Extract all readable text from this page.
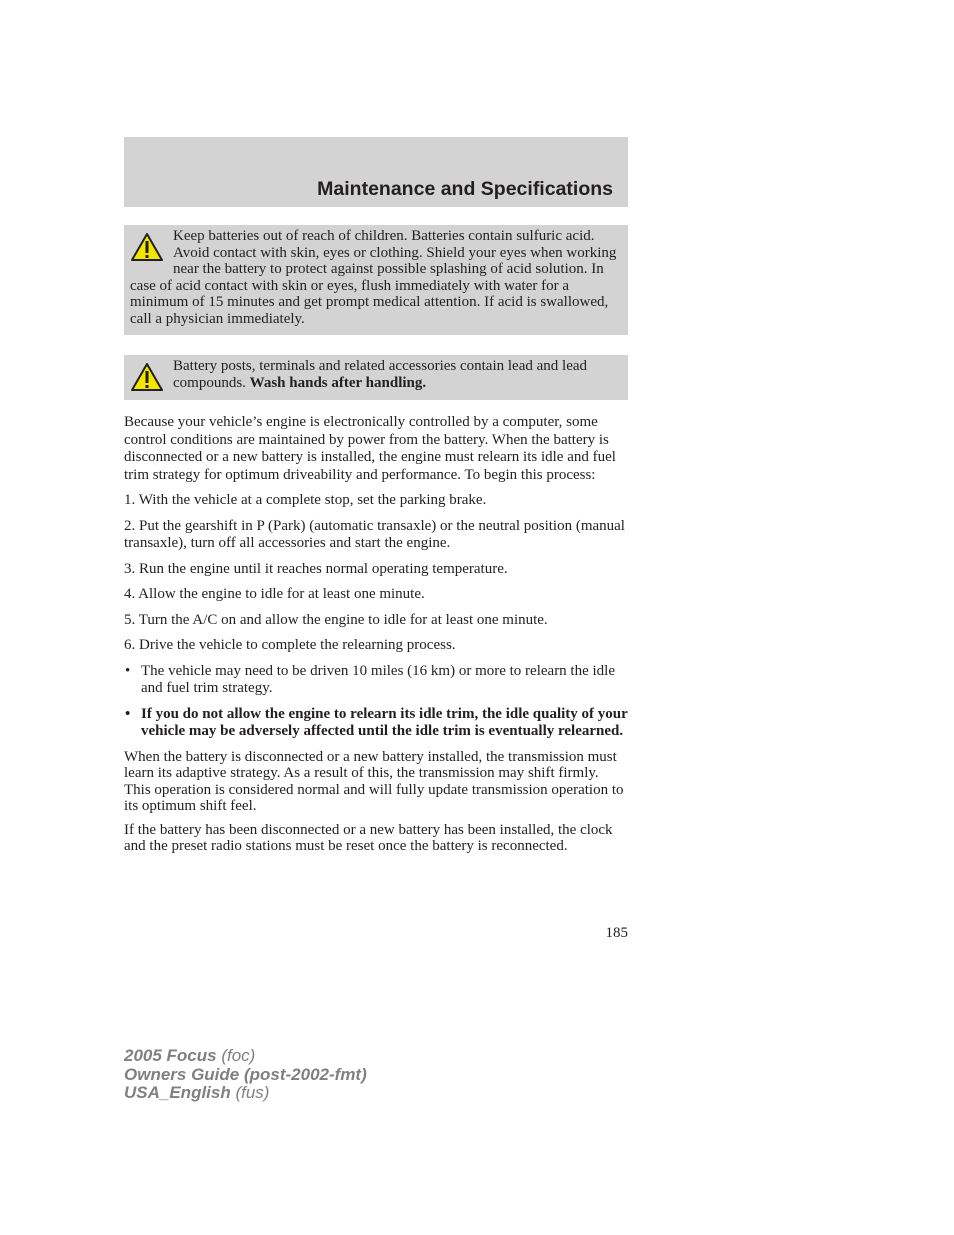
Maintenance and Specifications
Keep batteries out of reach of children. Batteries contain sulfuric acid. Avoid contact with skin, eyes or clothing. Shield your eyes when working near the battery to protect against possible splashing of acid solution. In case of acid contact with skin or eyes, flush immediately with water for a minimum of 15 minutes and get prompt medical attention. If acid is swallowed, call a physician immediately.
Battery posts, terminals and related accessories contain lead and lead compounds. Wash hands after handling.

Because your vehicle’s engine is electronically controlled by a computer, some control conditions are maintained by power from the battery. When the battery is disconnected or a new battery is installed, the engine must relearn its idle and fuel trim strategy for optimum driveability and performance. To begin this process:

1. With the vehicle at a complete stop, set the parking brake.

2. Put the gearshift in P (Park) (automatic transaxle) or the neutral position (manual transaxle), turn off all accessories and start the engine.

3. Run the engine until it reaches normal operating temperature.

4. Allow the engine to idle for at least one minute.

5. Turn the A/C on and allow the engine to idle for at least one minute.

6. Drive the vehicle to complete the relearning process.

• The vehicle may need to be driven 10 miles (16 km) or more to relearn the idle and fuel trim strategy.
• If you do not allow the engine to relearn its idle trim, the idle quality of your vehicle may be adversely affected until the idle trim is eventually relearned.

When the battery is disconnected or a new battery installed, the transmission must learn its adaptive strategy. As a result of this, the transmission may shift firmly. This operation is considered normal and will fully update transmission operation to its optimum shift feel.

If the battery has been disconnected or a new battery has been installed, the clock and the preset radio stations must be reset once the battery is reconnected.

185
2005 Focus (foc)
Owners Guide (post-2002-fmt)
USA_English (fus)
